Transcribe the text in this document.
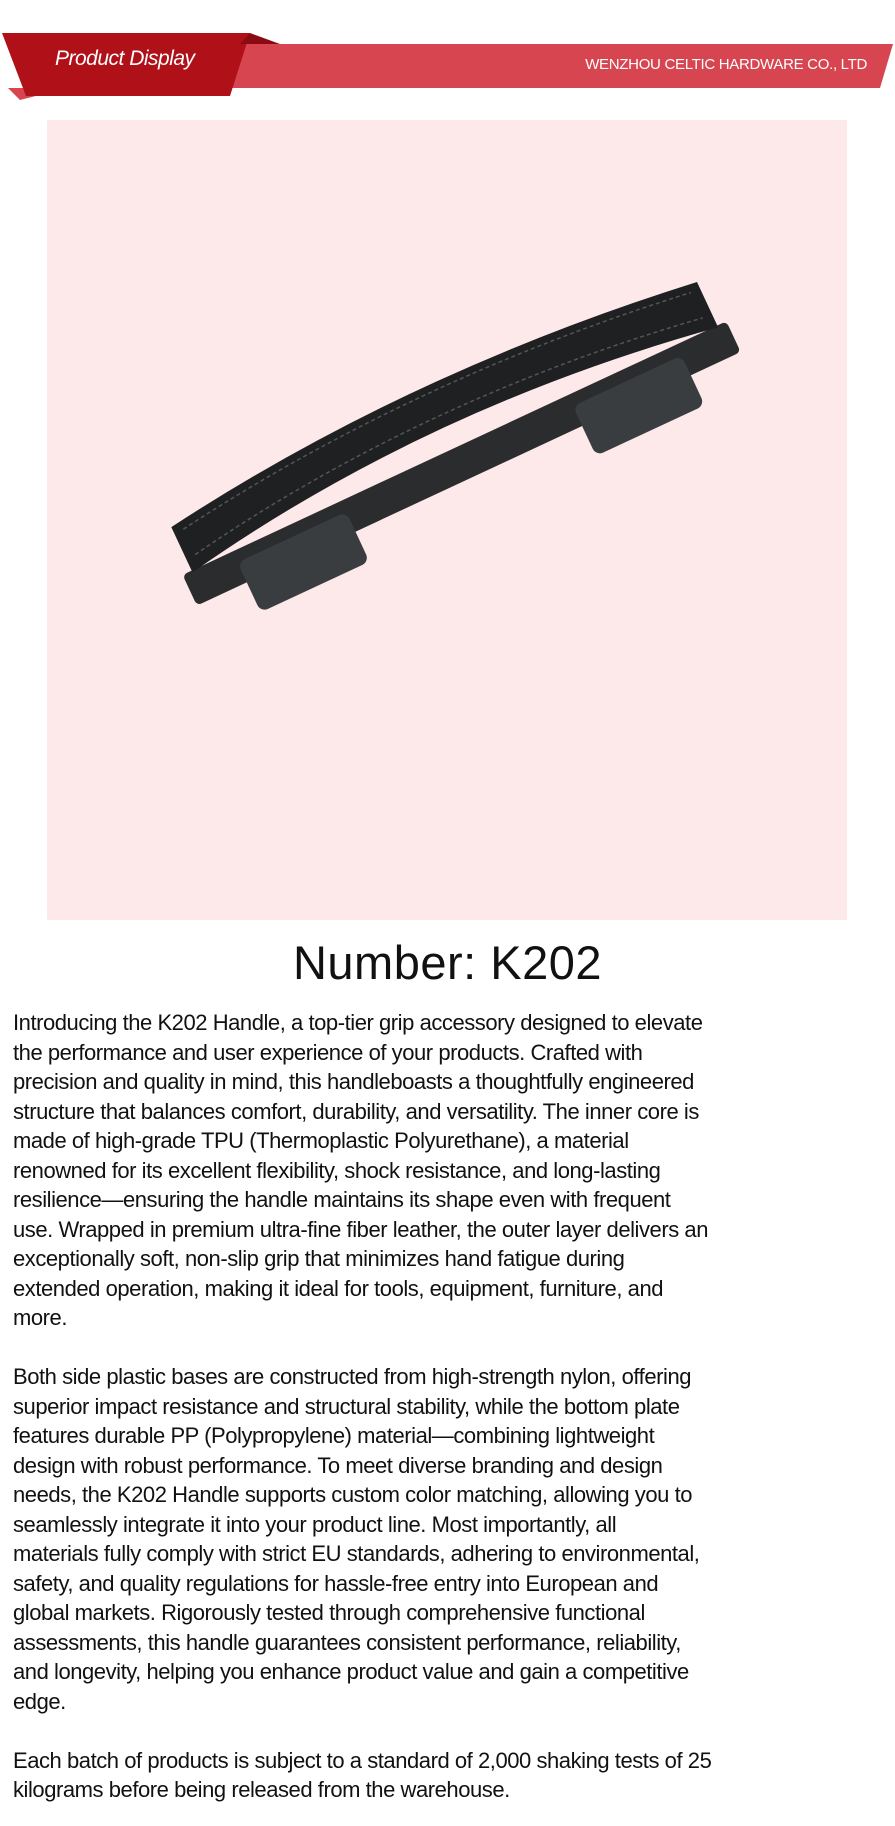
Product Display	WENZHOU CELTIC HARDWARE CO., LTD
Number: K202
Introducing the K202 Handle, a top-tier grip accessory designed to elevate
the performance and user experience of your products. Crafted with
precision and quality in mind, this handleboasts a thoughtfully engineered
structure that balances comfort, durability, and versatility. The inner core is
made of high-grade TPU (Thermoplastic Polyurethane), a material
renowned for its excellent flexibility, shock resistance, and long-lasting
resilience—ensuring the handle maintains its shape even with frequent
use. Wrapped in premium ultra-fine fiber leather, the outer layer delivers an
exceptionally soft, non-slip grip that minimizes hand fatigue during
extended operation, making it ideal for tools, equipment, furniture, and
more.
Both side plastic bases are constructed from high-strength nylon, offering
superior impact resistance and structural stability, while the bottom plate
features durable PP (Polypropylene) material—combining lightweight
design with robust performance. To meet diverse branding and design
needs, the K202 Handle supports custom color matching, allowing you to
seamlessly integrate it into your product line. Most importantly, all
materials fully comply with strict EU standards, adhering to environmental,
safety, and quality regulations for hassle-free entry into European and
global markets. Rigorously tested through comprehensive functional
assessments, this handle guarantees consistent performance, reliability,
and longevity, helping you enhance product value and gain a competitive
edge.
Each batch of products is subject to a standard of 2,000 shaking tests of 25
kilograms before being released from the warehouse.
